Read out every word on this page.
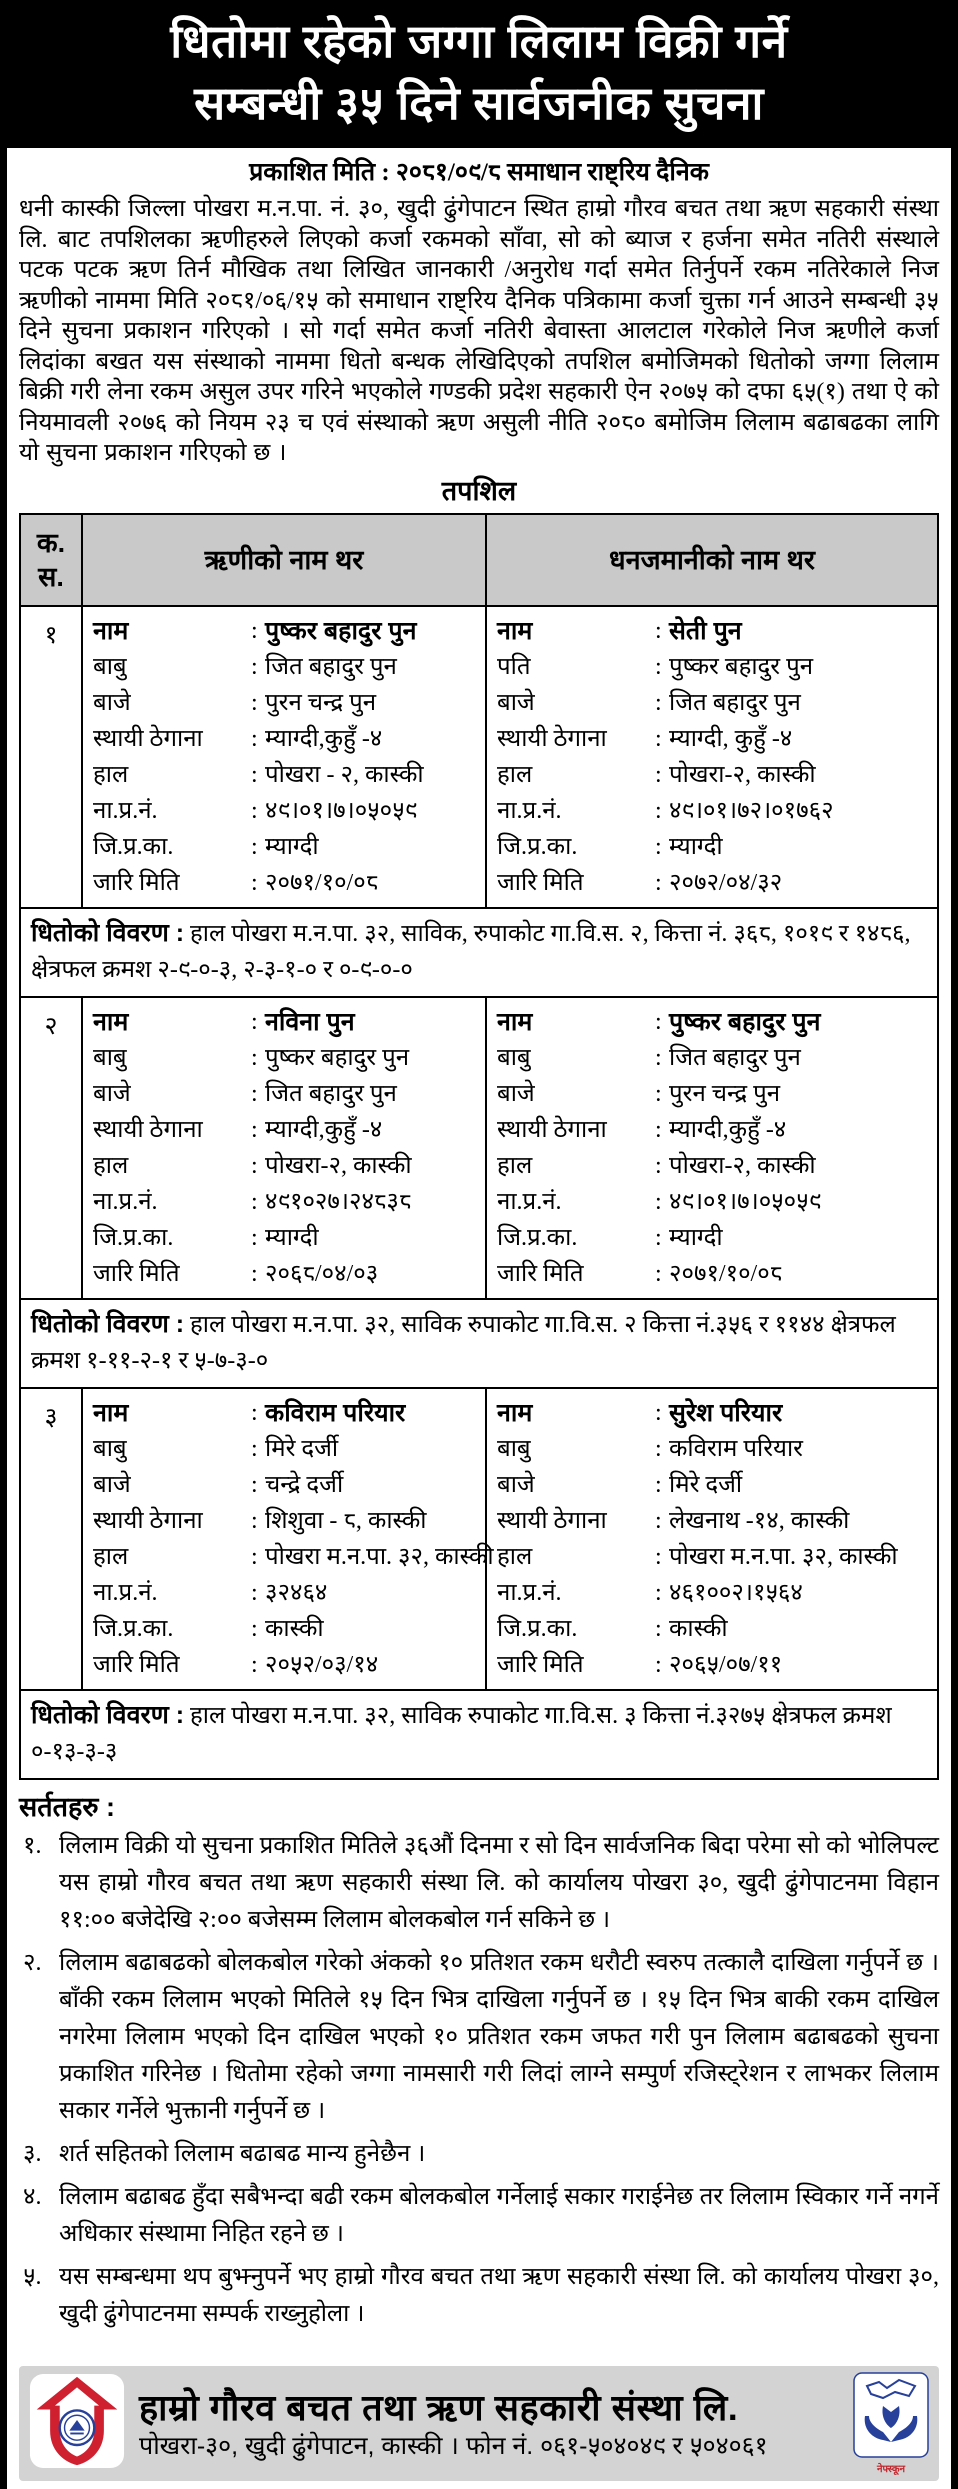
धितोमा रहेको जग्गा लिलाम विक्री गर्ने
सम्बन्धी ३५ दिने सार्वजनीक सुचना
प्रकाशित मिति : २०८१/०९/८ समाधान राष्ट्रिय दैनिक

धनी कास्की जिल्ला पोखरा म.न.पा. नं. ३०, खुदी ढुंगेपाटन स्थित हाम्रो गौरव बचत तथा ऋण सहकारी संस्था लि. बाट तपशिलका ऋणीहरुले लिएको कर्जा रकमको साँवा, सो को ब्याज र हर्जना समेत नतिरी संस्थाले पटक पटक ऋण तिर्न मौखिक तथा लिखित जानकारी /अनुरोध गर्दा समेत तिर्नुपर्ने रकम नतिरेकाले निज ऋणीको नाममा मिति २०८१/०६/१५ को समाधान राष्ट्रिय दैनिक पत्रिकामा कर्जा चुक्ता गर्न आउने सम्बन्धी ३५ दिने सुचना प्रकाशन गरिएको । सो गर्दा समेत कर्जा नतिरी बेवास्ता आलटाल गरेकोले निज ऋणीले कर्जा लिदांका बखत यस संस्थाको नाममा धितो बन्धक लेखिदिएको तपशिल बमोजिमको धितोको जग्गा लिलाम बिक्री गरी लेना रकम असुल उपर गरिने भएकोले गण्डकी प्रदेश सहकारी ऐन २०७५ को दफा ६५(१) तथा ऐ को नियमावली २०७६ को नियम २३ च एवं संस्थाको ऋण असुली नीति २०८० बमोजिम लिलाम बढाबढका लागि यो सुचना प्रकाशन गरिएको छ ।

तपशिल
क.
स.
ऋणीको नाम थर	धनजमानीको नाम थर
१	नाम	: पुष्कर बहादुर पुन
बाबु	: जित बहादुर पुन
बाजे	: पुरन चन्द्र पुन
स्थायी ठेगाना	: म्याग्दी,कुहुँ -४
हाल	: पोखरा - २, कास्की
ना.प्र.नं.	: ४९।०१।७।०५०५९
जि.प्र.का.	: म्याग्दी
जारि मिति	: २०७१/१०/०८
नाम	: सेती पुन
पति	: पुष्कर बहादुर पुन
बाजे	: जित बहादुर पुन
स्थायी ठेगाना	: म्याग्दी, कुहुँ -४
हाल	: पोखरा-२, कास्की
ना.प्र.नं.	: ४९।०१।७२।०१७६२
जि.प्र.का.	: म्याग्दी
जारि मिति	: २०७२/०४/३२
धितोको विवरण : हाल पोखरा म.न.पा. ३२, साविक, रुपाकोट गा.वि.स. २, कित्ता नं. ३६८, १०१९ र १४८६, क्षेत्रफल क्रमश २-९-०-३, २-३-१-० र ०-९-०-०
२	नाम	: नविना पुन
बाबु	: पुष्कर बहादुर पुन
बाजे	: जित बहादुर पुन
स्थायी ठेगाना	: म्याग्दी,कुहुँ -४
हाल	: पोखरा-२, कास्की
ना.प्र.नं.	: ४९१०२७।२४८३८
जि.प्र.का.	: म्याग्दी
जारि मिति	: २०६८/०४/०३
नाम	: पुष्कर बहादुर पुन
बाबु	: जित बहादुर पुन
बाजे	: पुरन चन्द्र पुन
स्थायी ठेगाना	: म्याग्दी,कुहुँ -४
हाल	: पोखरा-२, कास्की
ना.प्र.नं.	: ४९।०१।७।०५०५९
जि.प्र.का.	: म्याग्दी
जारि मिति	: २०७१/१०/०८
धितोको विवरण : हाल पोखरा म.न.पा. ३२, साविक रुपाकोट गा.वि.स. २ कित्ता नं.३५६ र ११४४ क्षेत्रफल क्रमश १-११-२-१ र ५-७-३-०
३	नाम	: कविराम परियार
बाबु	: मिरे दर्जी
बाजे	: चन्द्रे दर्जी
स्थायी ठेगाना	: शिशुवा - ८, कास्की
हाल	: पोखरा म.न.पा. ३२, कास्की
ना.प्र.नं.	: ३२४६४
जि.प्र.का.	: कास्की
जारि मिति	: २०५२/०३/१४
नाम	: सुरेश परियार
बाबु	: कविराम परियार
बाजे	: मिरे दर्जी
स्थायी ठेगाना	: लेखनाथ -१४, कास्की
हाल	: पोखरा म.न.पा. ३२, कास्की
ना.प्र.नं.	: ४६१००२।१५६४
जि.प्र.का.	: कास्की
जारि मिति	: २०६५/०७/११
धितोको विवरण : हाल पोखरा म.न.पा. ३२, साविक रुपाकोट गा.वि.स. ३ कित्ता नं.३२७५ क्षेत्रफल क्रमश ०-१३-३-३
सर्ततहरु :
१. लिलाम विक्री यो सुचना प्रकाशित मितिले ३६औं दिनमा र सो दिन सार्वजनिक बिदा परेमा सो को भोलिपल्ट यस हाम्रो गौरव बचत तथा ऋण सहकारी संस्था लि. को कार्यालय पोखरा ३०, खुदी ढुंगेपाटनमा विहान ११:०० बजेदेखि २:०० बजेसम्म लिलाम बोलकबोल गर्न सकिने छ ।
२. लिलाम बढाबढको बोलकबोल गरेको अंकको १० प्रतिशत रकम धरौटी स्वरुप तत्कालै दाखिला गर्नुपर्ने छ । बाँकी रकम लिलाम भएको मितिले १५ दिन भित्र दाखिला गर्नुपर्ने छ । १५ दिन भित्र बाकी रकम दाखिल नगरेमा लिलाम भएको दिन दाखिल भएको १० प्रतिशत रकम जफत गरी पुन लिलाम बढाबढको सुचना प्रकाशित गरिनेछ । धितोमा रहेको जग्गा नामसारी गरी लिदां लाग्ने सम्पुर्ण रजिस्ट्रेशन र लाभकर लिलाम सकार गर्नेले भुक्तानी गर्नुपर्ने छ ।
३. शर्त सहितको लिलाम बढाबढ मान्य हुनेछैन ।
४. लिलाम बढाबढ हुँदा सबैभन्दा बढी रकम बोलकबोल गर्नेलाई सकार गराईनेछ तर लिलाम स्विकार गर्ने नगर्ने अधिकार संस्थामा निहित रहने छ ।
५. यस सम्बन्धमा थप बुझ्नुपर्ने भए हाम्रो गौरव बचत तथा ऋण सहकारी संस्था लि. को कार्यालय पोखरा ३०, खुदी ढुंगेपाटनमा सम्पर्क राख्नुहोला ।
हाम्रो गौरव बचत तथा ऋण सहकारी संस्था लि.
पोखरा-३०, खुदी ढुंगेपाटन, कास्की । फोन नं. ०६१-५०४०४९ र ५०४०६१
नेफ्स्कून
